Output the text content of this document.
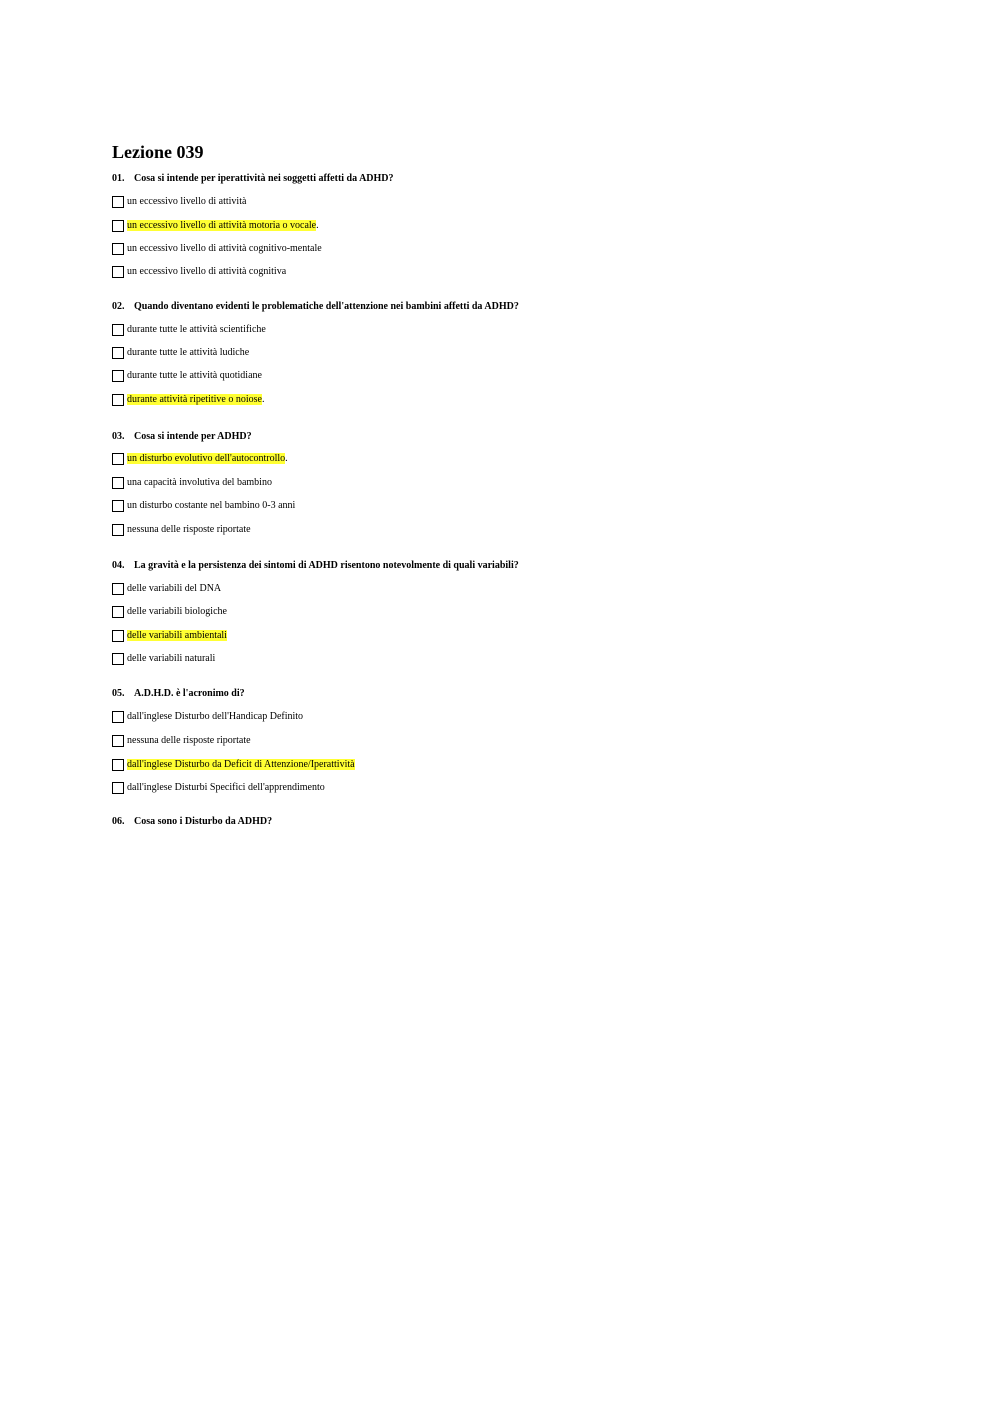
Lezione 039
01. Cosa si intende per iperattività nei soggetti affetti da ADHD?
un eccessivo livello di attività
un eccessivo livello di attività motoria o vocale.
un eccessivo livello di attività cognitivo-mentale
un eccessivo livello di attività cognitiva
02. Quando diventano evidenti le problematiche dell'attenzione nei bambini affetti da ADHD?
durante tutte le attività scientifiche
durante tutte le attività ludiche
durante tutte le attività quotidiane
durante attività ripetitive o noiose.
03. Cosa si intende per ADHD?
un disturbo evolutivo dell'autocontrollo.
una capacità involutiva del bambino
un disturbo costante nel bambino 0-3 anni
nessuna delle risposte riportate
04. La gravità e la persistenza dei sintomi di ADHD risentono notevolmente di quali variabili?
delle variabili del DNA
delle variabili biologiche
delle variabili ambientali
delle variabili naturali
05. A.D.H.D. è l'acronimo di?
dall'inglese Disturbo dell'Handicap Definito
nessuna delle risposte riportate
dall'inglese Disturbo da Deficit di Attenzione/Iperattività
dall'inglese Disturbi Specifici dell'apprendimento
06. Cosa sono i Disturbo da ADHD?
